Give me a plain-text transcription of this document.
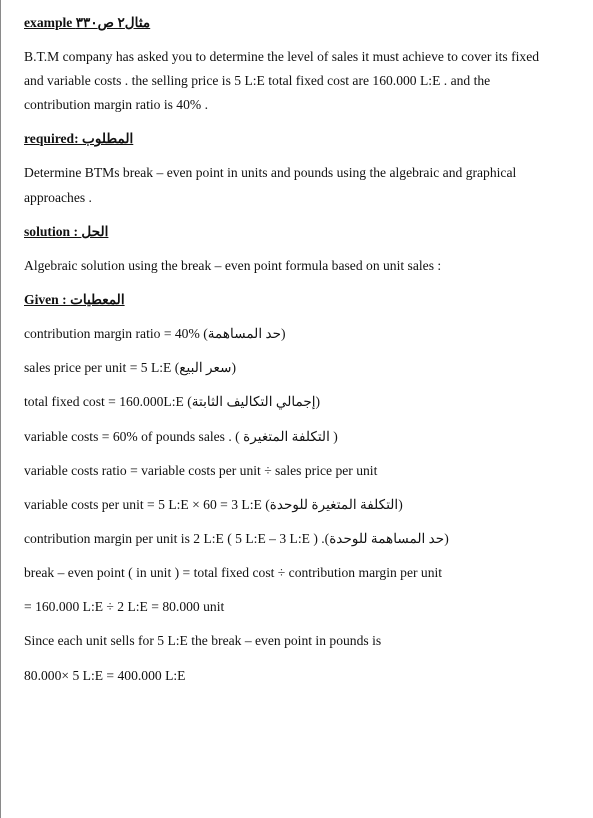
example مثال٢ ص٣٣٠
B.T.M company has asked you to determine the level of sales it must achieve to cover its fixed
and variable costs . the selling price is 5 L:E total fixed cost are 160.000 L:E . and the
contribution margin ratio is 40% .
required: المطلوب
Determine BTMs break – even point in units and pounds using the algebraic and graphical
approaches .
solution : الحل
Algebraic solution using the break – even point formula based on unit sales :
Given : المعطيات
contribution margin ratio = 40% (حد المساهمة)
sales price per unit = 5 L:E (سعر البيع)
total fixed cost = 160.000L:E (إجمالي التكاليف الثابتة)
variable costs = 60% of pounds sales . ( التكلفة المتغيرة )
variable costs ratio = variable costs per unit ÷ sales price per unit
variable costs per unit = 5 L:E × 60 = 3 L:E (التكلفة المتغيرة للوحدة)
contribution margin per unit is 2 L:E ( 5 L:E – 3 L:E ) .(حد المساهمة للوحدة)
break – even point ( in unit ) = total fixed cost ÷ contribution margin per unit
= 160.000 L:E ÷ 2 L:E = 80.000 unit
Since each unit sells for 5 L:E the break – even point in pounds is
80.000× 5 L:E = 400.000 L:E
